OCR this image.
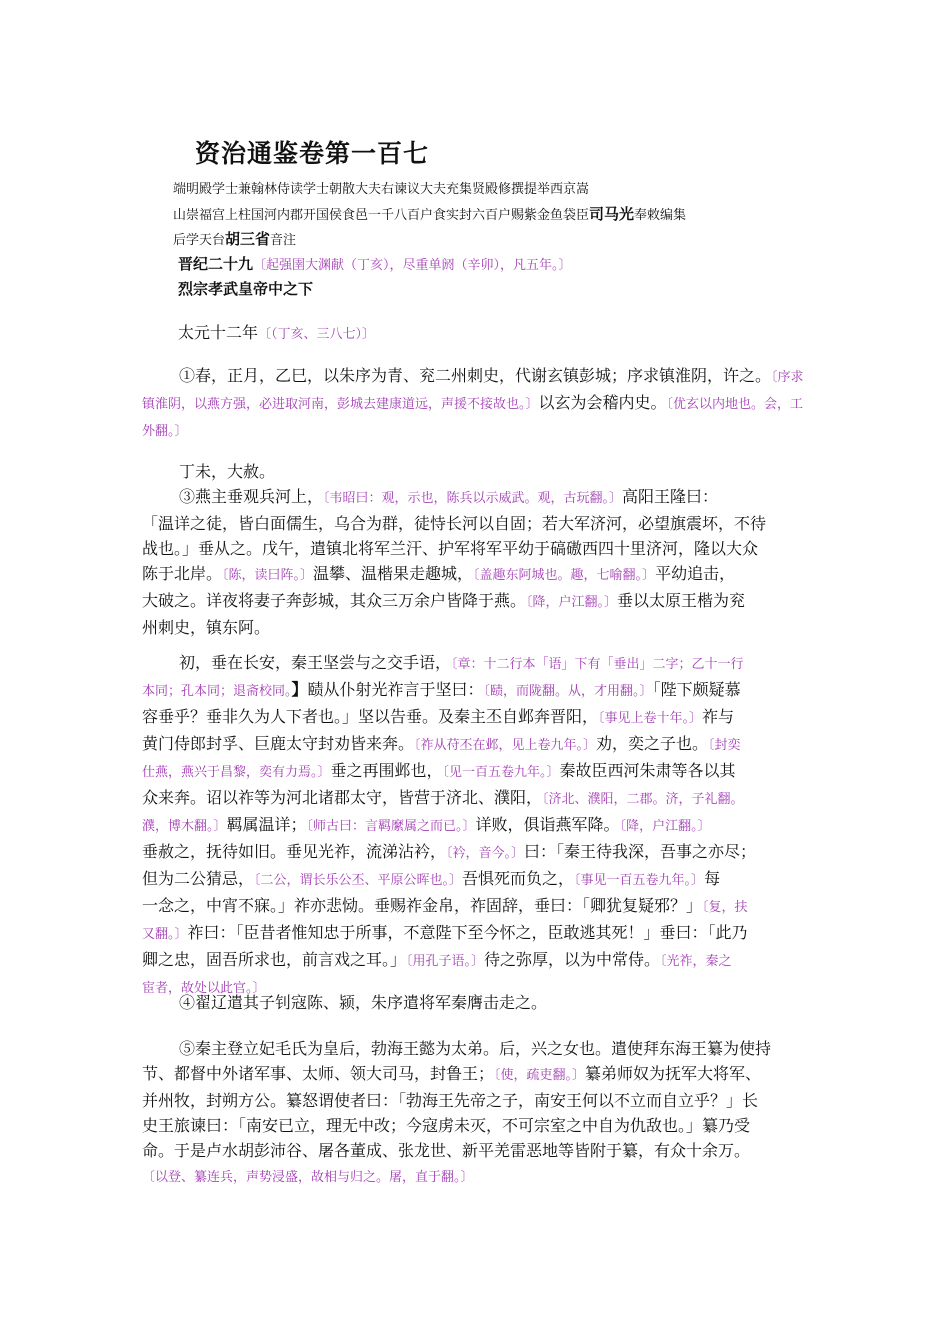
资治通鉴卷第一百七
端明殿学士兼翰林侍读学士朝散大夫右谏议大夫充集贤殿修撰提举西京嵩
山崇福宫上柱国河内郡开国侯食邑一千八百户食实封六百户赐紫金鱼袋臣司马光奉敕编集
后学天台胡三省音注
晋纪二十九〔起强圉大渊献（丁亥），尽重单阏（辛卯），凡五年。〕
烈宗孝武皇帝中之下
太元十二年〔（丁亥、三八七）〕
①春，正月，乙巳，以朱序为青、兖二州刺史，代谢玄镇彭城；序求镇淮阴，许之。〔序求镇淮阴，以燕方强，必进取河南，彭城去建康道远，声援不接故也。〕以玄为会稽内史。〔优玄以内地也。会，工外翻。〕
丁未，大赦。
③燕主垂观兵河上，〔韦昭曰：观，示也，陈兵以示威武。观，古玩翻。〕高阳王隆曰：
「温详之徒，皆白面儒生，乌合为群，徒恃长河以自固；若大军济河，必望旗震坏，不待
战也。」垂从之。戊午，遣镇北将军兰汗、护军将军平幼于碻磝西四十里济河，隆以大众
陈于北岸。〔陈，读曰阵。〕温攀、温楷果走趣城，〔盖趣东阿城也。趣，七喻翻。〕平幼追击，
大破之。详夜将妻子奔彭城，其众三万余户皆降于燕。〔降，户江翻。〕垂以太原王楷为兖
州刺史，镇东阿。
初，垂在长安，秦王坚尝与之交手语，〔章：十二行本「语」下有「垂出」二字；乙十一行
本同；孔本同；退斋校同。】赜从仆射光祚言于坚曰：〔赜，而陇翻。从，才用翻。〕「陛下颇疑慕
容垂乎？垂非久为人下者也。」坚以告垂。及秦主丕自邺奔晋阳，〔事见上卷十年。〕祚与
黄门侍郎封孚、巨鹿太守封劝皆来奔。〔祚从苻丕在邺，见上卷九年。〕劝，奕之子也。〔封奕
仕燕，燕兴于昌黎，奕有力焉。〕垂之再围邺也，〔见一百五卷九年。〕秦故臣西河朱肃等各以其
众来奔。诏以祚等为河北诸郡太守，皆营于济北、濮阳，〔济北、濮阳，二郡。济，子礼翻。
濮，博木翻。〕羁属温详；〔师古曰：言羁縻属之而已。〕详败，俱诣燕军降。〔降，户江翻。〕
垂赦之，抚待如旧。垂见光祚，流涕沾衿，〔衿，音今。〕曰：「秦王待我深，吾事之亦尽；
但为二公猜忌，〔二公，谓长乐公丕、平原公晖也。〕吾惧死而负之，〔事见一百五卷九年。〕每
一念之，中宵不寐。」祚亦悲恸。垂赐祚金帛，祚固辞，垂曰：「卿犹复疑邪？」〔复，扶
又翻。〕祚曰：「臣昔者惟知忠于所事，不意陛下至今怀之，臣敢逃其死！」垂曰：「此乃
卿之忠，固吾所求也，前言戏之耳。」〔用孔子语。〕待之弥厚，以为中常侍。〔光祚，秦之
宦者，故处以此官。〕
④翟辽遣其子钊寇陈、颍，朱序遣将军秦膺击走之。
⑤秦主登立妃毛氏为皇后，勃海王懿为太弟。后，兴之女也。遣使拜东海王纂为使持
节、都督中外诸军事、太师、领大司马，封鲁王；〔使，疏吏翻。〕纂弟师奴为抚军大将军、
并州牧，封朔方公。纂怒谓使者曰：「勃海王先帝之子，南安王何以不立而自立乎？」长
史王旅谏曰：「南安已立，理无中改；今寇虏未灭，不可宗室之中自为仇敌也。」纂乃受
命。于是卢水胡彭沛谷、屠各董成、张龙世、新平羌雷恶地等皆附于纂，有众十余万。
〔以登、纂连兵，声势浸盛，故相与归之。屠，直于翻。〕
